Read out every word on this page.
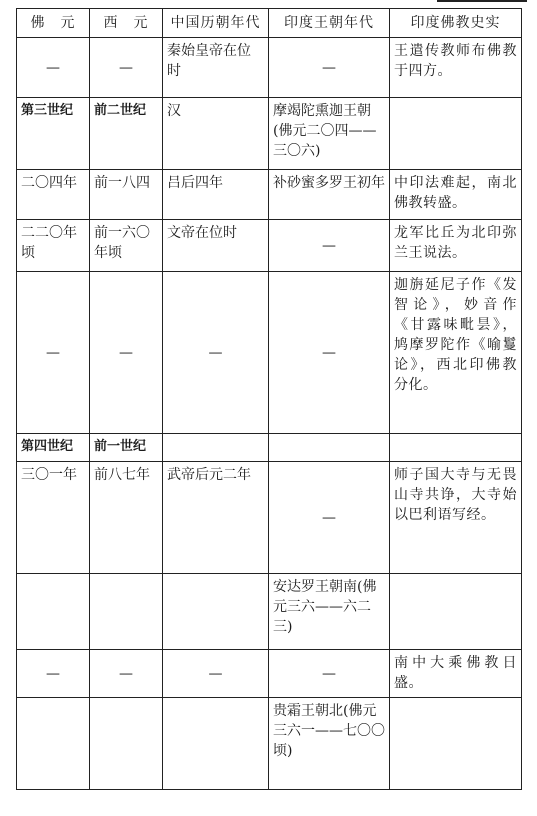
佛　元	西　元	中国历朝年代	印度王朝年代	印度佛教史实
—	—	秦始皇帝在位时	—	王遣传教师布佛教于四方。
第三世纪	前二世纪	汉	摩竭陀熏迦王朝(佛元二〇四——三〇六)	
二〇四年	前一八四	吕后四年	补砂蜜多罗王初年	中印法难起，南北佛教转盛。
二二〇年顷	前一六〇年顷	文帝在位时	—	龙军比丘为北印弥兰王说法。
—	—	—	—	迦旃延尼子作《发智论》，妙音作《甘露味毗昙》，鸠摩罗陀作《喻鬘论》，西北印佛教分化。
第四世纪	前一世纪			
三〇一年	前八七年	武帝后元二年	—	师子国大寺与无畏山寺共诤，大寺始以巴利语写经。
			安达罗王朝南(佛元三六——六二三)	
—	—	—	—	南中大乘佛教日盛。
			贵霜王朝北(佛元三六一——七〇〇顷)	
